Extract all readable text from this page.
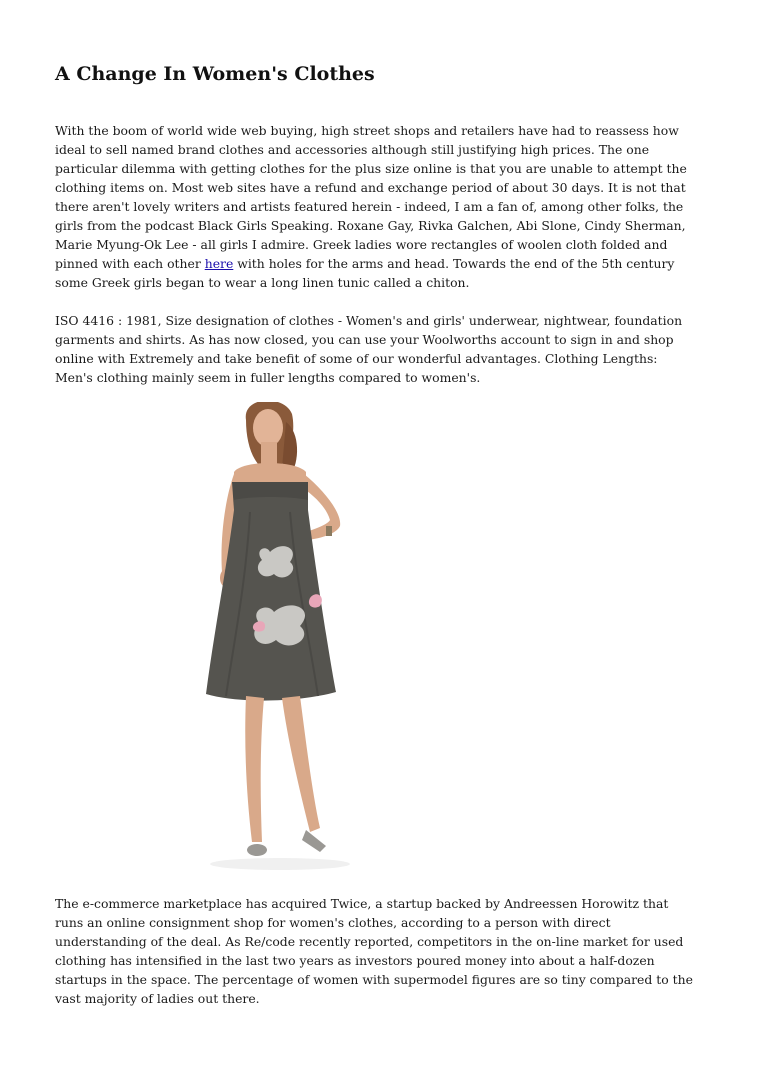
A Change In Women's Clothes

With the boom of world wide web buying, high street shops and retailers have had to reassess how
ideal to sell named brand clothes and accessories although still justifying high prices. The one
particular dilemma with getting clothes for the plus size online is that you are unable to attempt the
clothing items on. Most web sites have a refund and exchange period of about 30 days. It is not that
there aren't lovely writers and artists featured herein - indeed, I am a fan of, among other folks, the
girls from the podcast Black Girls Speaking. Roxane Gay, Rivka Galchen, Abi Slone, Cindy Sherman,
Marie Myung-Ok Lee - all girls I admire. Greek ladies wore rectangles of woolen cloth folded and
pinned with each other here with holes for the arms and head. Towards the end of the 5th century
some Greek girls began to wear a long linen tunic called a chiton.

ISO 4416 : 1981, Size designation of clothes - Women's and girls' underwear, nightwear, foundation
garments and shirts. As has now closed, you can use your Woolworths account to sign in and shop
online with Extremely and take benefit of some of our wonderful advantages. Clothing Lengths:
Men's clothing mainly seem in fuller lengths compared to women's.

The e-commerce marketplace has acquired Twice, a startup backed by Andreessen Horowitz that
runs an online consignment shop for women's clothes, according to a person with direct
understanding of the deal. As Re/code recently reported, competitors in the on-line market for used
clothing has intensified in the last two years as investors poured money into about a half-dozen
startups in the space. The percentage of women with supermodel figures are so tiny compared to the
vast majority of ladies out there.
